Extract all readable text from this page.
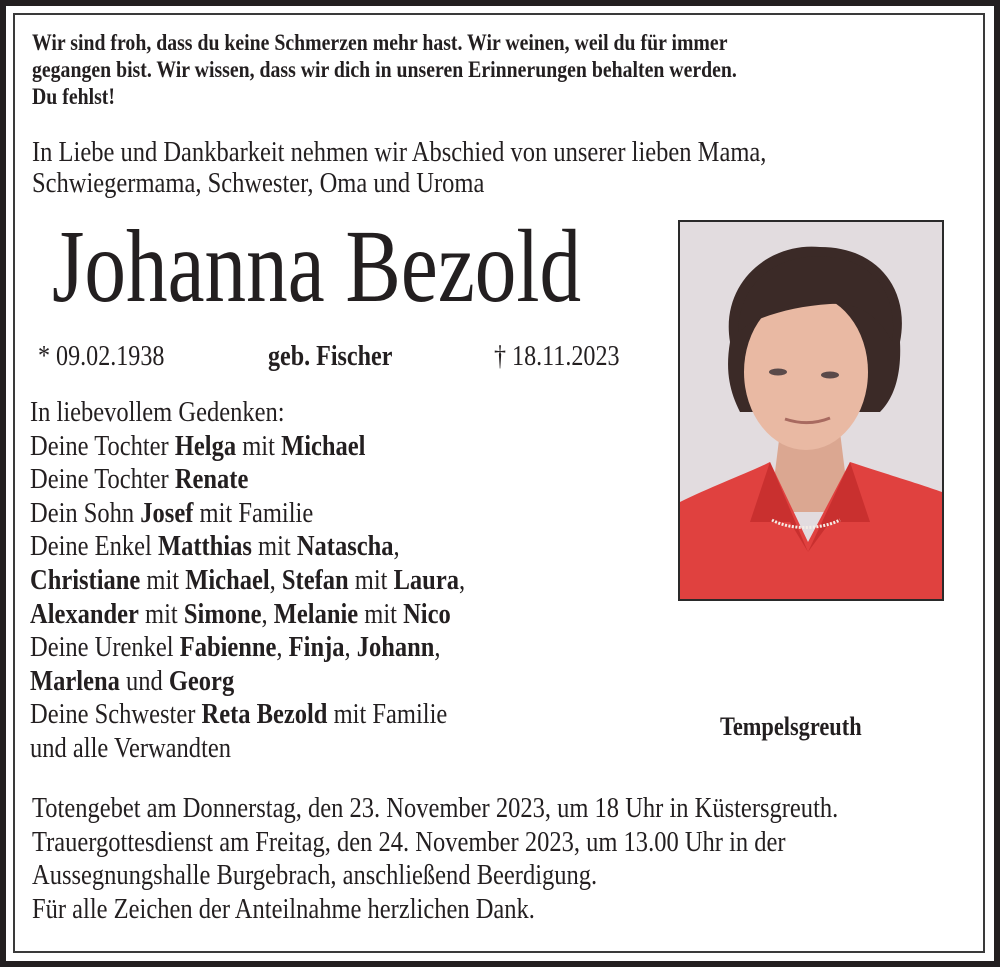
Wir sind froh, dass du keine Schmerzen mehr hast. Wir weinen, weil du für immer
gegangen bist. Wir wissen, dass wir dich in unseren Erinnerungen behalten werden.
Du fehlst!
In Liebe und Dankbarkeit nehmen wir Abschied von unserer lieben Mama,
Schwiegermama, Schwester, Oma und Uroma
Johanna Bezold
* 09.02.1938	geb. Fischer	† 18.11.2023
In liebevollem Gedenken:
Deine Tochter Helga mit Michael
Deine Tochter Renate
Dein Sohn Josef mit Familie
Deine Enkel Matthias mit Natascha,
Christiane mit Michael, Stefan mit Laura,
Alexander mit Simone, Melanie mit Nico
Deine Urenkel Fabienne, Finja, Johann,
Marlena und Georg
Deine Schwester Reta Bezold mit Familie
und alle Verwandten
Tempelsgreuth
Totengebet am Donnerstag, den 23. November 2023, um 18 Uhr in Küstersgreuth.
Trauergottesdienst am Freitag, den 24. November 2023, um 13.00 Uhr in der
Aussegnungshalle Burgebrach, anschließend Beerdigung.
Für alle Zeichen der Anteilnahme herzlichen Dank.
